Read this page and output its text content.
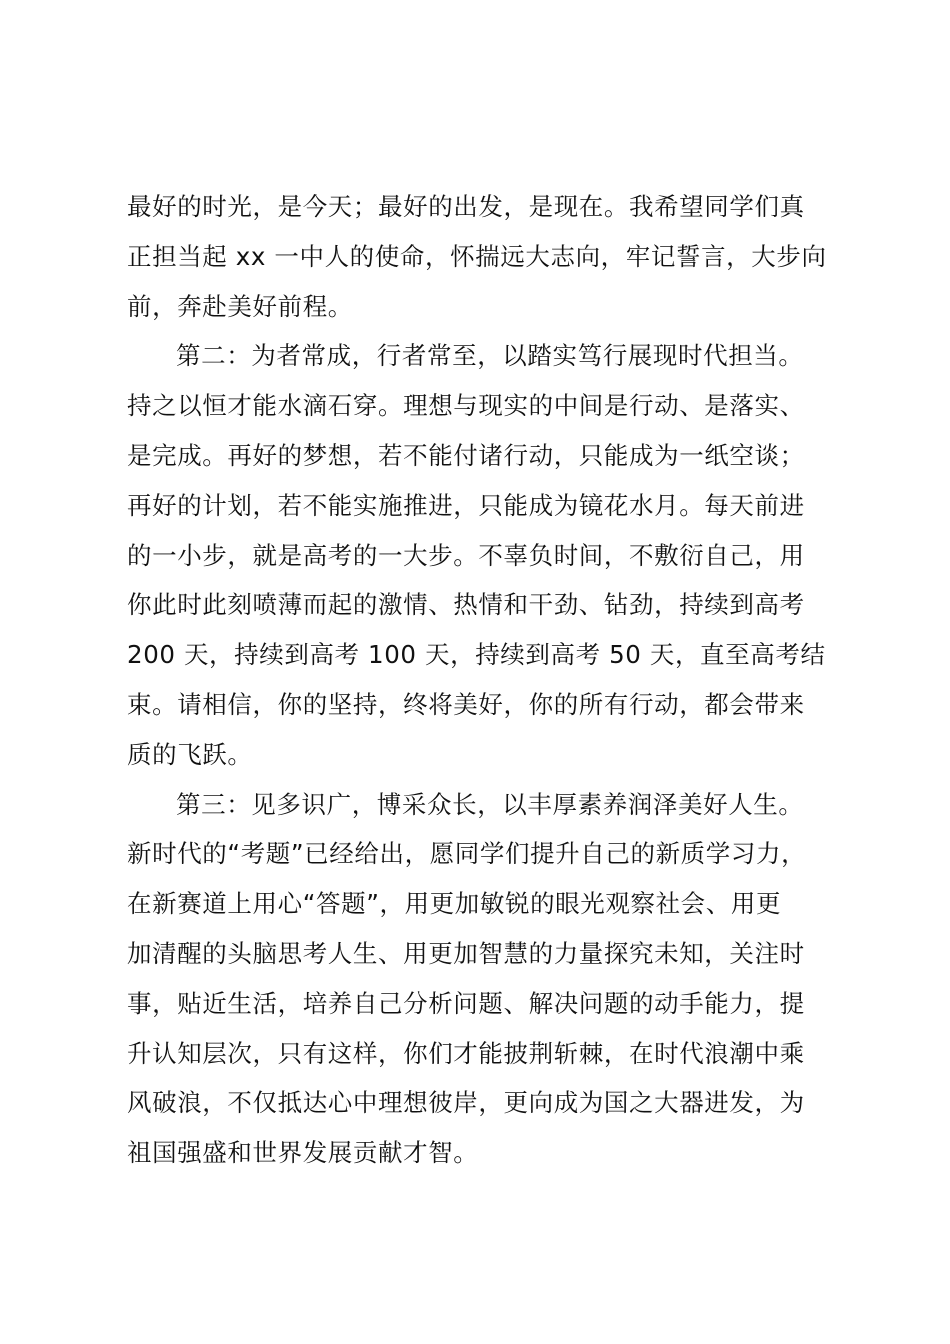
最好的时光，是今天；最好的出发，是现在。我希望同学们真
正担当起 xx 一中人的使命，怀揣远大志向，牢记誓言，大步向
前，奔赴美好前程。
第二：为者常成，行者常至，以踏实笃行展现时代担当。
持之以恒才能水滴石穿。理想与现实的中间是行动、是落实、
是完成。再好的梦想，若不能付诸行动，只能成为一纸空谈；
再好的计划，若不能实施推进，只能成为镜花水月。每天前进
的一小步，就是高考的一大步。不辜负时间，不敷衍自己，用
你此时此刻喷薄而起的激情、热情和干劲、钻劲，持续到高考
200 天，持续到高考 100 天，持续到高考 50 天，直至高考结
束。请相信，你的坚持，终将美好，你的所有行动，都会带来
质的飞跃。
第三：见多识广，博采众长，以丰厚素养润泽美好人生。
新时代的“考题”已经给出，愿同学们提升自己的新质学习力，
在新赛道上用心“答题”，用更加敏锐的眼光观察社会、用更
加清醒的头脑思考人生、用更加智慧的力量探究未知，关注时
事，贴近生活，培养自己分析问题、解决问题的动手能力，提
升认知层次，只有这样，你们才能披荆斩棘，在时代浪潮中乘
风破浪，不仅抵达心中理想彼岸，更向成为国之大器进发，为
祖国强盛和世界发展贡献才智。
